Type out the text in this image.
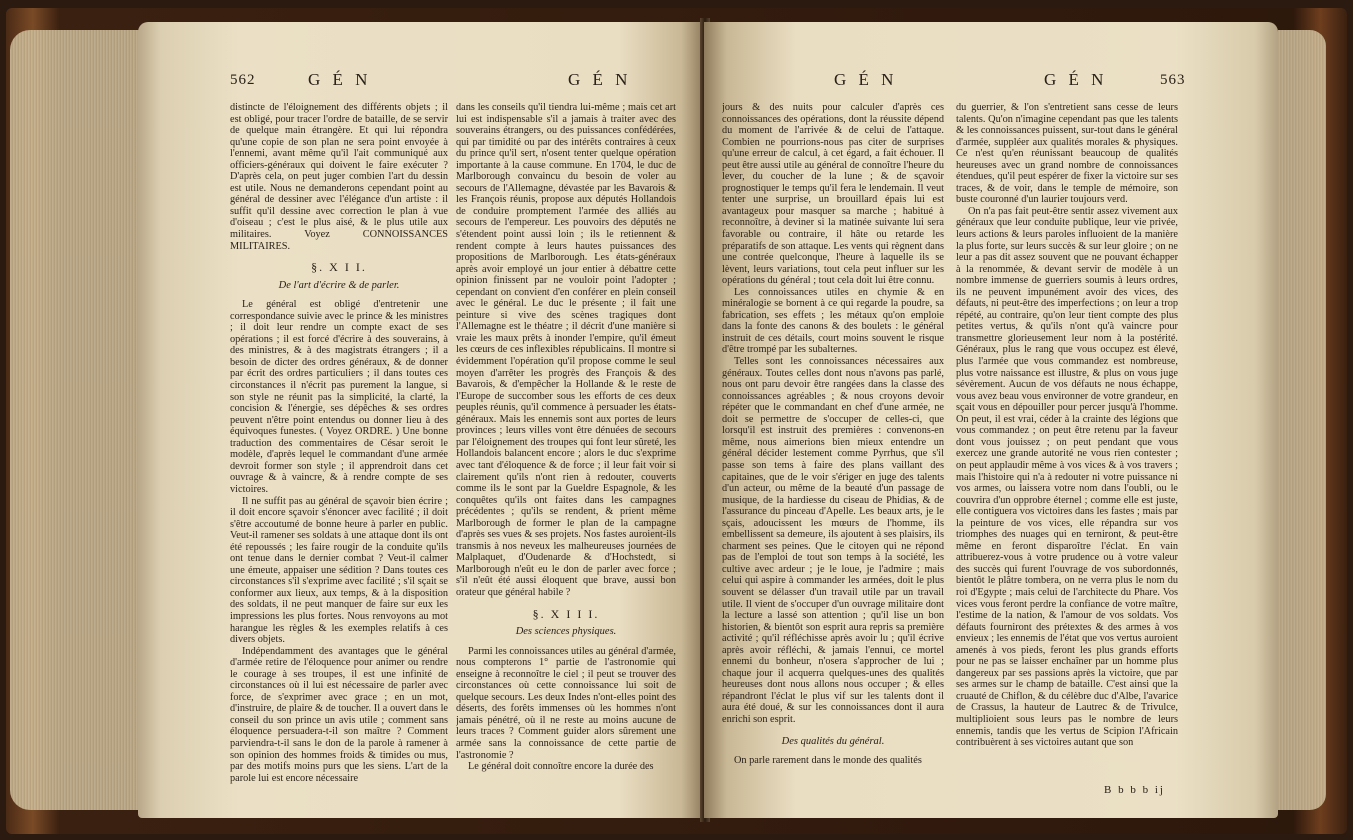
562	G É N	G É N

distincte de l'éloignement des différents objets ; il est obligé, pour tracer l'ordre de bataille, de se servir de quelque main étrangère. Et qui lui répondra qu'une copie de son plan ne sera point envoyée à l'ennemi, avant même qu'il l'ait communiqué aux officiers-généraux qui doivent le faire exécuter ? D'après cela, on peut juger combien l'art du dessin est utile. Nous ne demanderons cependant point au général de dessiner avec l'élégance d'un artiste : il suffit qu'il dessine avec correction le plan à vue d'oiseau ; c'est le plus aisé, & le plus utile aux militaires. Voyez CONNOISSANCES MILITAIRES.

§. X I I.
De l'art d'écrire & de parler.

Le général est obligé d'entretenir une correspondance suivie avec le prince & les ministres ; il doit leur rendre un compte exact de ses opérations ; il est forcé d'écrire à des souverains, à des ministres, & à des magistrats étrangers ; il a besoin de dicter des ordres généraux, & de donner par écrit des ordres particuliers ; il dans toutes ces circonstances il n'écrit pas purement la langue, si son style ne réunit pas la simplicité, la clarté, la concision & l'énergie, ses dépêches & ses ordres peuvent n'être point entendus ou donner lieu à des équivoques funestes. ( Voyez ORDRE. ) Une bonne traduction des commentaires de César seroit le modèle, d'après lequel le commandant d'une armée devroit former son style ; il apprendroit dans cet ouvrage & à vaincre, & à rendre compte de ses victoires.

Il ne suffit pas au général de sçavoir bien écrire ; il doit encore sçavoir s'énoncer avec facilité ; il doit s'être accoutumé de bonne heure à parler en public. Veut-il ramener ses soldats à une attaque dont ils ont été repoussés ; les faire rougir de la conduite qu'ils ont tenue dans le dernier combat ? Veut-il calmer une émeute, appaiser une sédition ? Dans toutes ces circonstances s'il s'exprime avec facilité ; s'il sçait se conformer aux lieux, aux temps, & à la disposition des soldats, il ne peut manquer de faire sur eux les impressions les plus fortes. Nous renvoyons au mot harangue les règles & les exemples relatifs à ces divers objets.

Indépendamment des avantages que le général d'armée retire de l'éloquence pour animer ou rendre le courage à ses troupes, il est une infinité de circonstances où il lui est nécessaire de parler avec force, de s'exprimer avec grace ; en un mot, d'instruire, de plaire & de toucher. Il a ouvert dans le conseil du son prince un avis utile ; comment sans éloquence persuadera-t-il son maître ? Comment parviendra-t-il sans le don de la parole à ramener à son opinion des hommes froids & timides ou mus, par des motifs moins purs que les siens. L'art de la parole lui est encore nécessaire

dans les conseils qu'il tiendra lui-même ; mais cet art lui est indispensable s'il a jamais à traiter avec des souverains étrangers, ou des puissances confédérées, qui par timidité ou par des intérêts contraires à ceux du prince qu'il sert, n'osent tenter quelque opération importante à la cause commune. En 1704, le duc de Marlborough convaincu du besoin de voler au secours de l'Allemagne, dévastée par les Bavarois & les François réunis, propose aux députés Hollandois de conduire promptement l'armée des alliés au secours de l'empereur. Les pouvoirs des députés ne s'étendent point aussi loin ; ils le retiennent & rendent compte à leurs hautes puissances des propositions de Marlborough. Les états-généraux après avoir employé un jour entier à débattre cette opinion finissent par ne vouloir point l'adopter ; cependant on convient d'en conférer en plein conseil avec le général. Le duc le présente ; il fait une peinture si vive des scènes tragiques dont l'Allemagne est le théatre ; il décrit d'une manière si vraie les maux prêts à inonder l'empire, qu'il émeut les cœurs de ces inflexibles républicains. Il montre si évidemment l'opération qu'il propose comme le seul moyen d'arrêter les progrès des François & des Bavarois, & d'empêcher la Hollande & le reste de l'Europe de succomber sous les efforts de ces deux peuples réunis, qu'il commence à persuader les états-généraux. Mais les ennemis sont aux portes de leurs provinces ; leurs villes vont être dénuées de secours par l'éloignement des troupes qui font leur sûreté, les Hollandois balancent encore ; alors le duc s'exprime avec tant d'éloquence & de force ; il leur fait voir si clairement qu'ils n'ont rien à redouter, couverts comme ils le sont par la Gueldre Espagnole, & les conquêtes qu'ils ont faites dans les campagnes précédentes ; qu'ils se rendent, & prient même Marlborough de former le plan de la campagne d'après ses vues & ses projets. Nos fastes auroient-ils transmis à nos neveux les malheureuses journées de Malplaquet, d'Oudenarde & d'Hochstedt, si Marlborough n'eût eu le don de parler avec force ; s'il n'eût été aussi éloquent que brave, aussi bon orateur que général habile ?

§. X I I I.
Des sciences physiques.

Parmi les connoissances utiles au général d'armée, nous compterons 1° partie de l'astronomie qui enseigne à reconnoître le ciel ; il peut se trouver des circonstances où cette connoissance lui soit de quelque secours. Les deux Indes n'ont-elles point des déserts, des forêts immenses où les hommes n'ont jamais pénétré, où il ne reste au moins aucune de leurs traces ? Comment guider alors sûrement une armée sans la connoissance de cette partie de l'astronomie ?

Le général doit connoître encore la durée des

G É N	G É N	563

jours & des nuits pour calculer d'après ces connoissances des opérations, dont la réussite dépend du moment de l'arrivée & de celui de l'attaque. Combien ne pourrions-nous pas citer de surprises qu'une erreur de calcul, à cet égard, a fait échouer. Il peut être aussi utile au général de connoître l'heure du lever, du coucher de la lune ; & de sçavoir prognostiquer le temps qu'il fera le lendemain. Il veut tenter une surprise, un brouillard épais lui est avantageux pour masquer sa marche ; habitué à reconnoître, à deviner si la matinée suivante lui sera favorable ou contraire, il hâte ou retarde les préparatifs de son attaque. Les vents qui règnent dans une contrée quelconque, l'heure à laquelle ils se lèvent, leurs variations, tout cela peut influer sur les opérations du général ; tout cela doit lui être connu.

Les connoissances utiles en chymie & en minéralogie se bornent à ce qui regarde la poudre, sa fabrication, ses effets ; les métaux qu'on emploie dans la fonte des canons & des boulets : le général instruit de ces détails, court moins souvent le risque d'être trompé par les subalternes.

Telles sont les connoissances nécessaires aux généraux. Toutes celles dont nous n'avons pas parlé, nous ont paru devoir être rangées dans la classe des connoissances agréables ; & nous croyons devoir répéter que le commandant en chef d'une armée, ne doit se permettre de s'occuper de celles-ci, que lorsqu'il est instruit des premières : convenons-en même, nous aimerions bien mieux entendre un général décider lestement comme Pyrrhus, que s'il passe son tems à faire des plans vaillant des capitaines, que de le voir s'ériger en juge des talents d'un acteur, ou même de la beauté d'un passage de musique, de la hardiesse du ciseau de Phidias, & de l'assurance du pinceau d'Apelle. Les beaux arts, je le sçais, adoucissent les mœurs de l'homme, ils embellissent sa demeure, ils ajoutent à ses plaisirs, ils charment ses peines. Que le citoyen qui ne répond pas de l'emploi de tout son temps à la société, les cultive avec ardeur ; je le loue, je l'admire ; mais celui qui aspire à commander les armées, doit le plus souvent se délasser d'un travail utile par un travail utile. Il vient de s'occuper d'un ouvrage militaire dont la lecture a lassé son attention ; qu'il lise un bon historien, & bientôt son esprit aura repris sa première activité ; qu'il réfléchisse après avoir lu ; qu'il écrive après avoir réfléchi, & jamais l'ennui, ce mortel ennemi du bonheur, n'osera s'approcher de lui ; chaque jour il acquerra quelques-unes des qualités heureuses dont nous allons nous occuper ; & elles répandront l'éclat le plus vif sur les talents dont il aura été doué, & sur les connoissances dont il aura enrichi son esprit.

Des qualités du général.

On parle rarement dans le monde des qualités

du guerrier, & l'on s'entretient sans cesse de leurs talents. Qu'on n'imagine cependant pas que les talents & les connoissances puissent, sur-tout dans le général d'armée, suppléer aux qualités morales & physiques. Ce n'est qu'en réunissant beaucoup de qualités heureuses avec un grand nombre de connoissances étendues, qu'il peut espérer de fixer la victoire sur ses traces, & de voir, dans le temple de mémoire, son buste couronné d'un laurier toujours verd.

On n'a pas fait peut-être sentir assez vivement aux généraux que leur conduite publique, leur vie privée, leurs actions & leurs paroles influoient de la manière la plus forte, sur leurs succès & sur leur gloire ; on ne leur a pas dit assez souvent que ne pouvant échapper à la renommée, & devant servir de modèle à un nombre immense de guerriers soumis à leurs ordres, ils ne peuvent impunément avoir des vices, des défauts, ni peut-être des imperfections ; on leur a trop répété, au contraire, qu'on leur tient compte des plus petites vertus, & qu'ils n'ont qu'à vaincre pour transmettre glorieusement leur nom à la postérité. Généraux, plus le rang que vous occupez est élevé, plus l'armée que vous commandez est nombreuse, plus votre naissance est illustre, & plus on vous juge sévèrement. Aucun de vos défauts ne nous échappe, vous avez beau vous environner de votre grandeur, en sçait vous en dépouiller pour percer jusqu'à l'homme. On peut, il est vrai, céder à la crainte des légions que vous commandez ; on peut être retenu par la faveur dont vous jouissez ; on peut pendant que vous exercez une grande autorité ne vous rien contester ; on peut applaudir même à vos vices & à vos travers ; mais l'histoire qui n'a à redouter ni votre puissance ni vos armes, ou laissera votre nom dans l'oubli, ou le couvrira d'un opprobre éternel ; comme elle est juste, elle contiguera vos victoires dans les fastes ; mais par la peinture de vos vices, elle répandra sur vos triomphes des nuages qui en terniront, & peut-être même en feront disparoître l'éclat. En vain attribuerez-vous à votre prudence ou à votre valeur des succès qui furent l'ouvrage de vos subordonnés, bientôt le plâtre tombera, on ne verra plus le nom du roi d'Egypte ; mais celui de l'architecte du Phare. Vos vices vous feront perdre la confiance de votre maître, l'estime de la nation, & l'amour de vos soldats. Vos défauts fourniront des prétextes & des armes à vos envieux ; les ennemis de l'état que vos vertus auroient amenés à vos pieds, feront les plus grands efforts pour ne pas se laisser enchaîner par un homme plus dangereux par ses passions après la victoire, que par ses armes sur le champ de bataille. C'est ainsi que la cruauté de Chiflon, & du célèbre duc d'Albe, l'avarice de Crassus, la hauteur de Lautrec & de Trivulce, multiplioient sous leurs pas le nombre de leurs ennemis, tandis que les vertus de Scipion l'Africain contribuèrent à ses victoires autant que son

B b b b ij
